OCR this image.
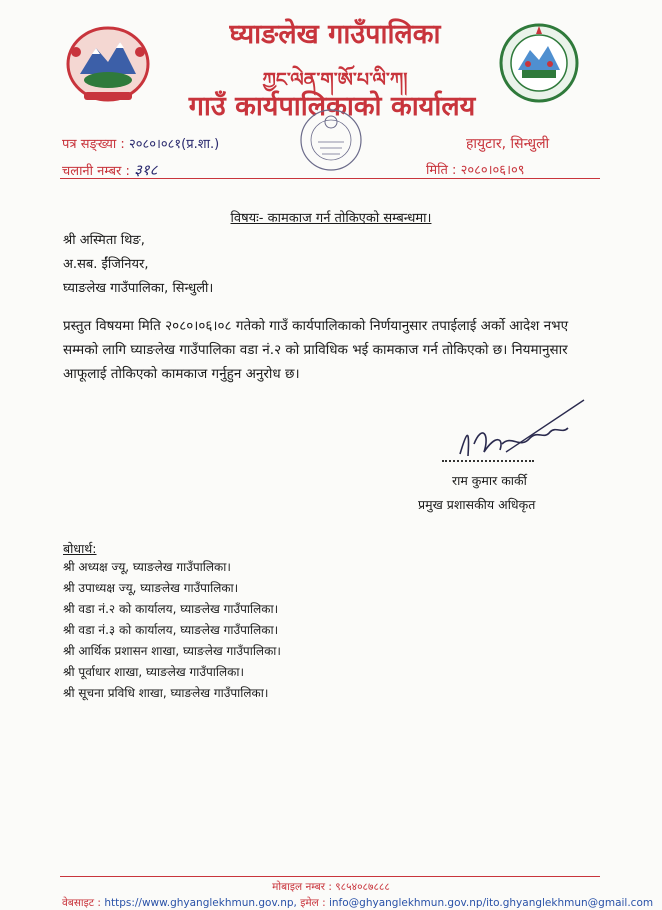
घ्याङलेख गाउँपालिका
ཀྱང་ལེན་ག་ཨོ་པ་ལི་ཀ།
गाउँ कार्यपालिकाको कार्यालय
पत्र सङ्ख्या : २०८०।०८१(प्र.शा.)
चलानी नम्बर : ३१८
हायुटार, सिन्धुली
मिति : २०८०।०६।०९
विषयः- कामकाज गर्न तोकिएको सम्बन्धमा।
श्री अस्मिता थिङ,
अ.सब. ईंजिनियर,
घ्याङलेख गाउँपालिका, सिन्धुली।
प्रस्तुत विषयमा मिति २०८०।०६।०८ गतेको गाउँ कार्यपालिकाको निर्णयानुसार तपाईलाई अर्को आदेश नभए सम्मको लागि घ्याङलेख गाउँपालिका वडा नं.२ को प्राविधिक भई कामकाज गर्न तोकिएको छ। नियमानुसार आफूलाई तोकिएको कामकाज गर्नुहुन अनुरोध छ।
राम कुमार कार्की
प्रमुख प्रशासकीय अधिकृत
बोधार्थ:
श्री अध्यक्ष ज्यू, घ्याङलेख गाउँपालिका।
श्री उपाध्यक्ष ज्यू, घ्याङलेख गाउँपालिका।
श्री वडा नं.२ को कार्यालय, घ्याङलेख गाउँपालिका।
श्री वडा नं.३ को कार्यालय, घ्याङलेख गाउँपालिका।
श्री आर्थिक प्रशासन शाखा, घ्याङलेख गाउँपालिका।
श्री पूर्वाधार शाखा, घ्याङलेख गाउँपालिका।
श्री सूचना प्रविधि शाखा, घ्याङलेख गाउँपालिका।
मोबाइल नम्बर : ९८५४०८७८८८
वेबसाइट : https://www.ghyanglekhmun.gov.np, इमेल : info@ghyanglekhmun.gov.np/ito.ghyanglekhmun@gmail.com
